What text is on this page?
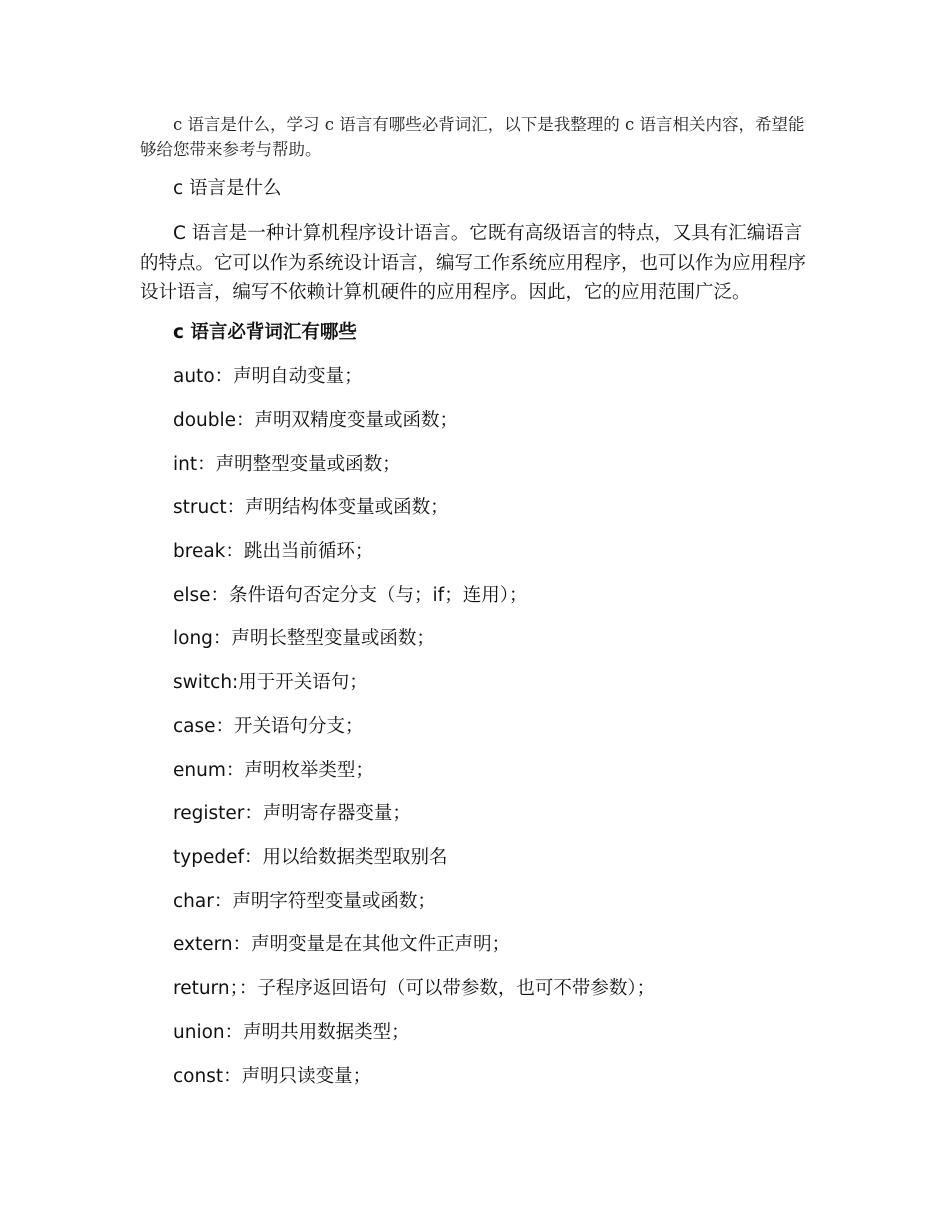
c 语言是什么，学习 c 语言有哪些必背词汇，以下是我整理的 c 语言相关内容，希望能够给您带来参考与帮助。

c 语言是什么

C 语言是一种计算机程序设计语言。它既有高级语言的特点，又具有汇编语言的特点。它可以作为系统设计语言，编写工作系统应用程序，也可以作为应用程序设计语言，编写不依赖计算机硬件的应用程序。因此，它的应用范围广泛。

c 语言必背词汇有哪些

auto：声明自动变量；

double：声明双精度变量或函数；

int：声明整型变量或函数；

struct：声明结构体变量或函数；

break：跳出当前循环；

else：条件语句否定分支（与；if；连用）；

long：声明长整型变量或函数；

switch:用于开关语句；

case：开关语句分支；

enum：声明枚举类型；

register：声明寄存器变量；

typedef：用以给数据类型取别名

char：声明字符型变量或函数；

extern：声明变量是在其他文件正声明；

return；：子程序返回语句（可以带参数，也可不带参数）；

union：声明共用数据类型；

const：声明只读变量；
